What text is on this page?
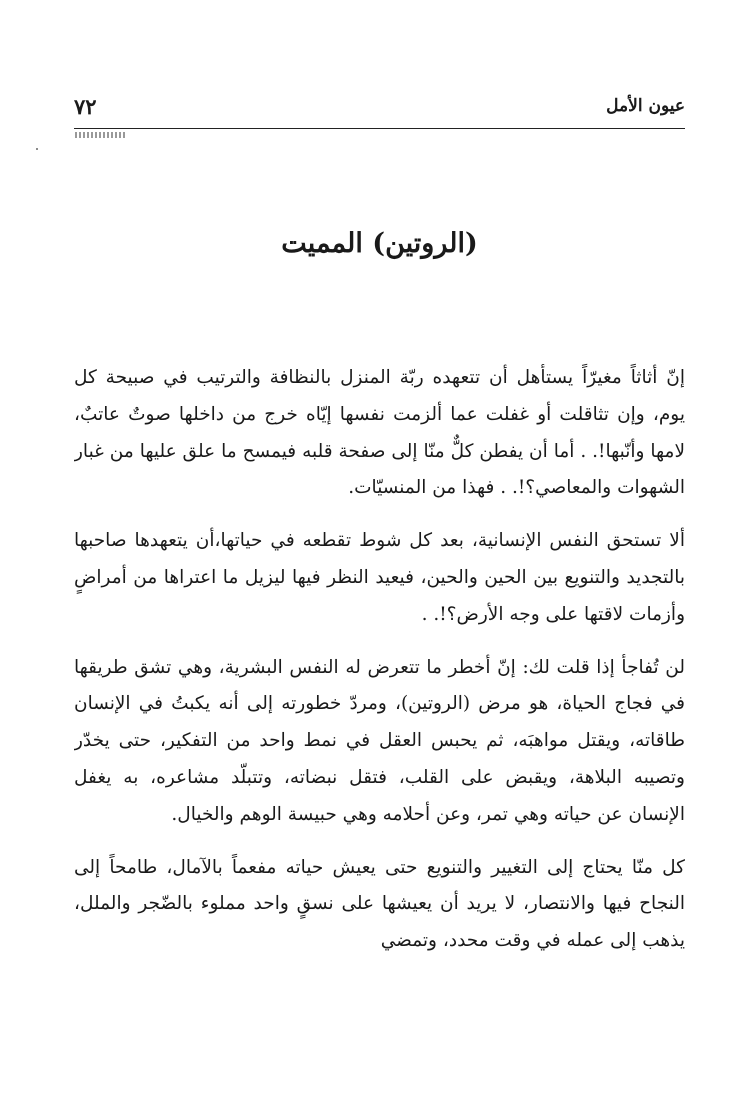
٧٢	عيون الأمل
(الروتين) المميت

إنّ أثاثاً مغيرّاً يستأهل أن تتعهده ربّة المنزل بالنظافة والترتيب في صبيحة كل يوم، وإن تثاقلت أو غفلت عما ألزمت نفسها إيّاه خرج من داخلها صوتٌ عاتبٌ، لامها وأنّبها!. . أما أن يفطن كلٌّ منّا إلى صفحة قلبه فيمسح ما علق عليها من غبار الشهوات والمعاصي؟!. . فهذا من المنسيّات.

ألا تستحق النفس الإنسانية، بعد كل شوط تقطعه في حياتها،أن يتعهدها صاحبها بالتجديد والتنويع بين الحين والحين، فيعيد النظر فيها ليزيل ما اعتراها من أمراضٍ وأزمات لاقتها على وجه الأرض؟!. .

لن تُفاجأ إذا قلت لك: إنّ أخطر ما تتعرض له النفس البشرية، وهي تشق طريقها في فجاج الحياة، هو مرض (الروتين)، ومردّ خطورته إلى أنه يكبتُ في الإنسان طاقاته، ويقتل مواهبَه، ثم يحبس العقل في نمط واحد من التفكير، حتى يخدّر وتصيبه البلاهة، ويقبض على القلب، فتقل نبضاته، وتتبلّد مشاعره، به يغفل الإنسان عن حياته وهي تمر، وعن أحلامه وهي حبيسة الوهم والخيال.

كل منّا يحتاج إلى التغيير والتنويع حتى يعيش حياته مفعماً بالآمال، طامحاً إلى النجاح فيها والانتصار، لا يريد أن يعيشها على نسقٍ واحد مملوء بالضّجر والملل، يذهب إلى عمله في وقت محدد، وتمضي
